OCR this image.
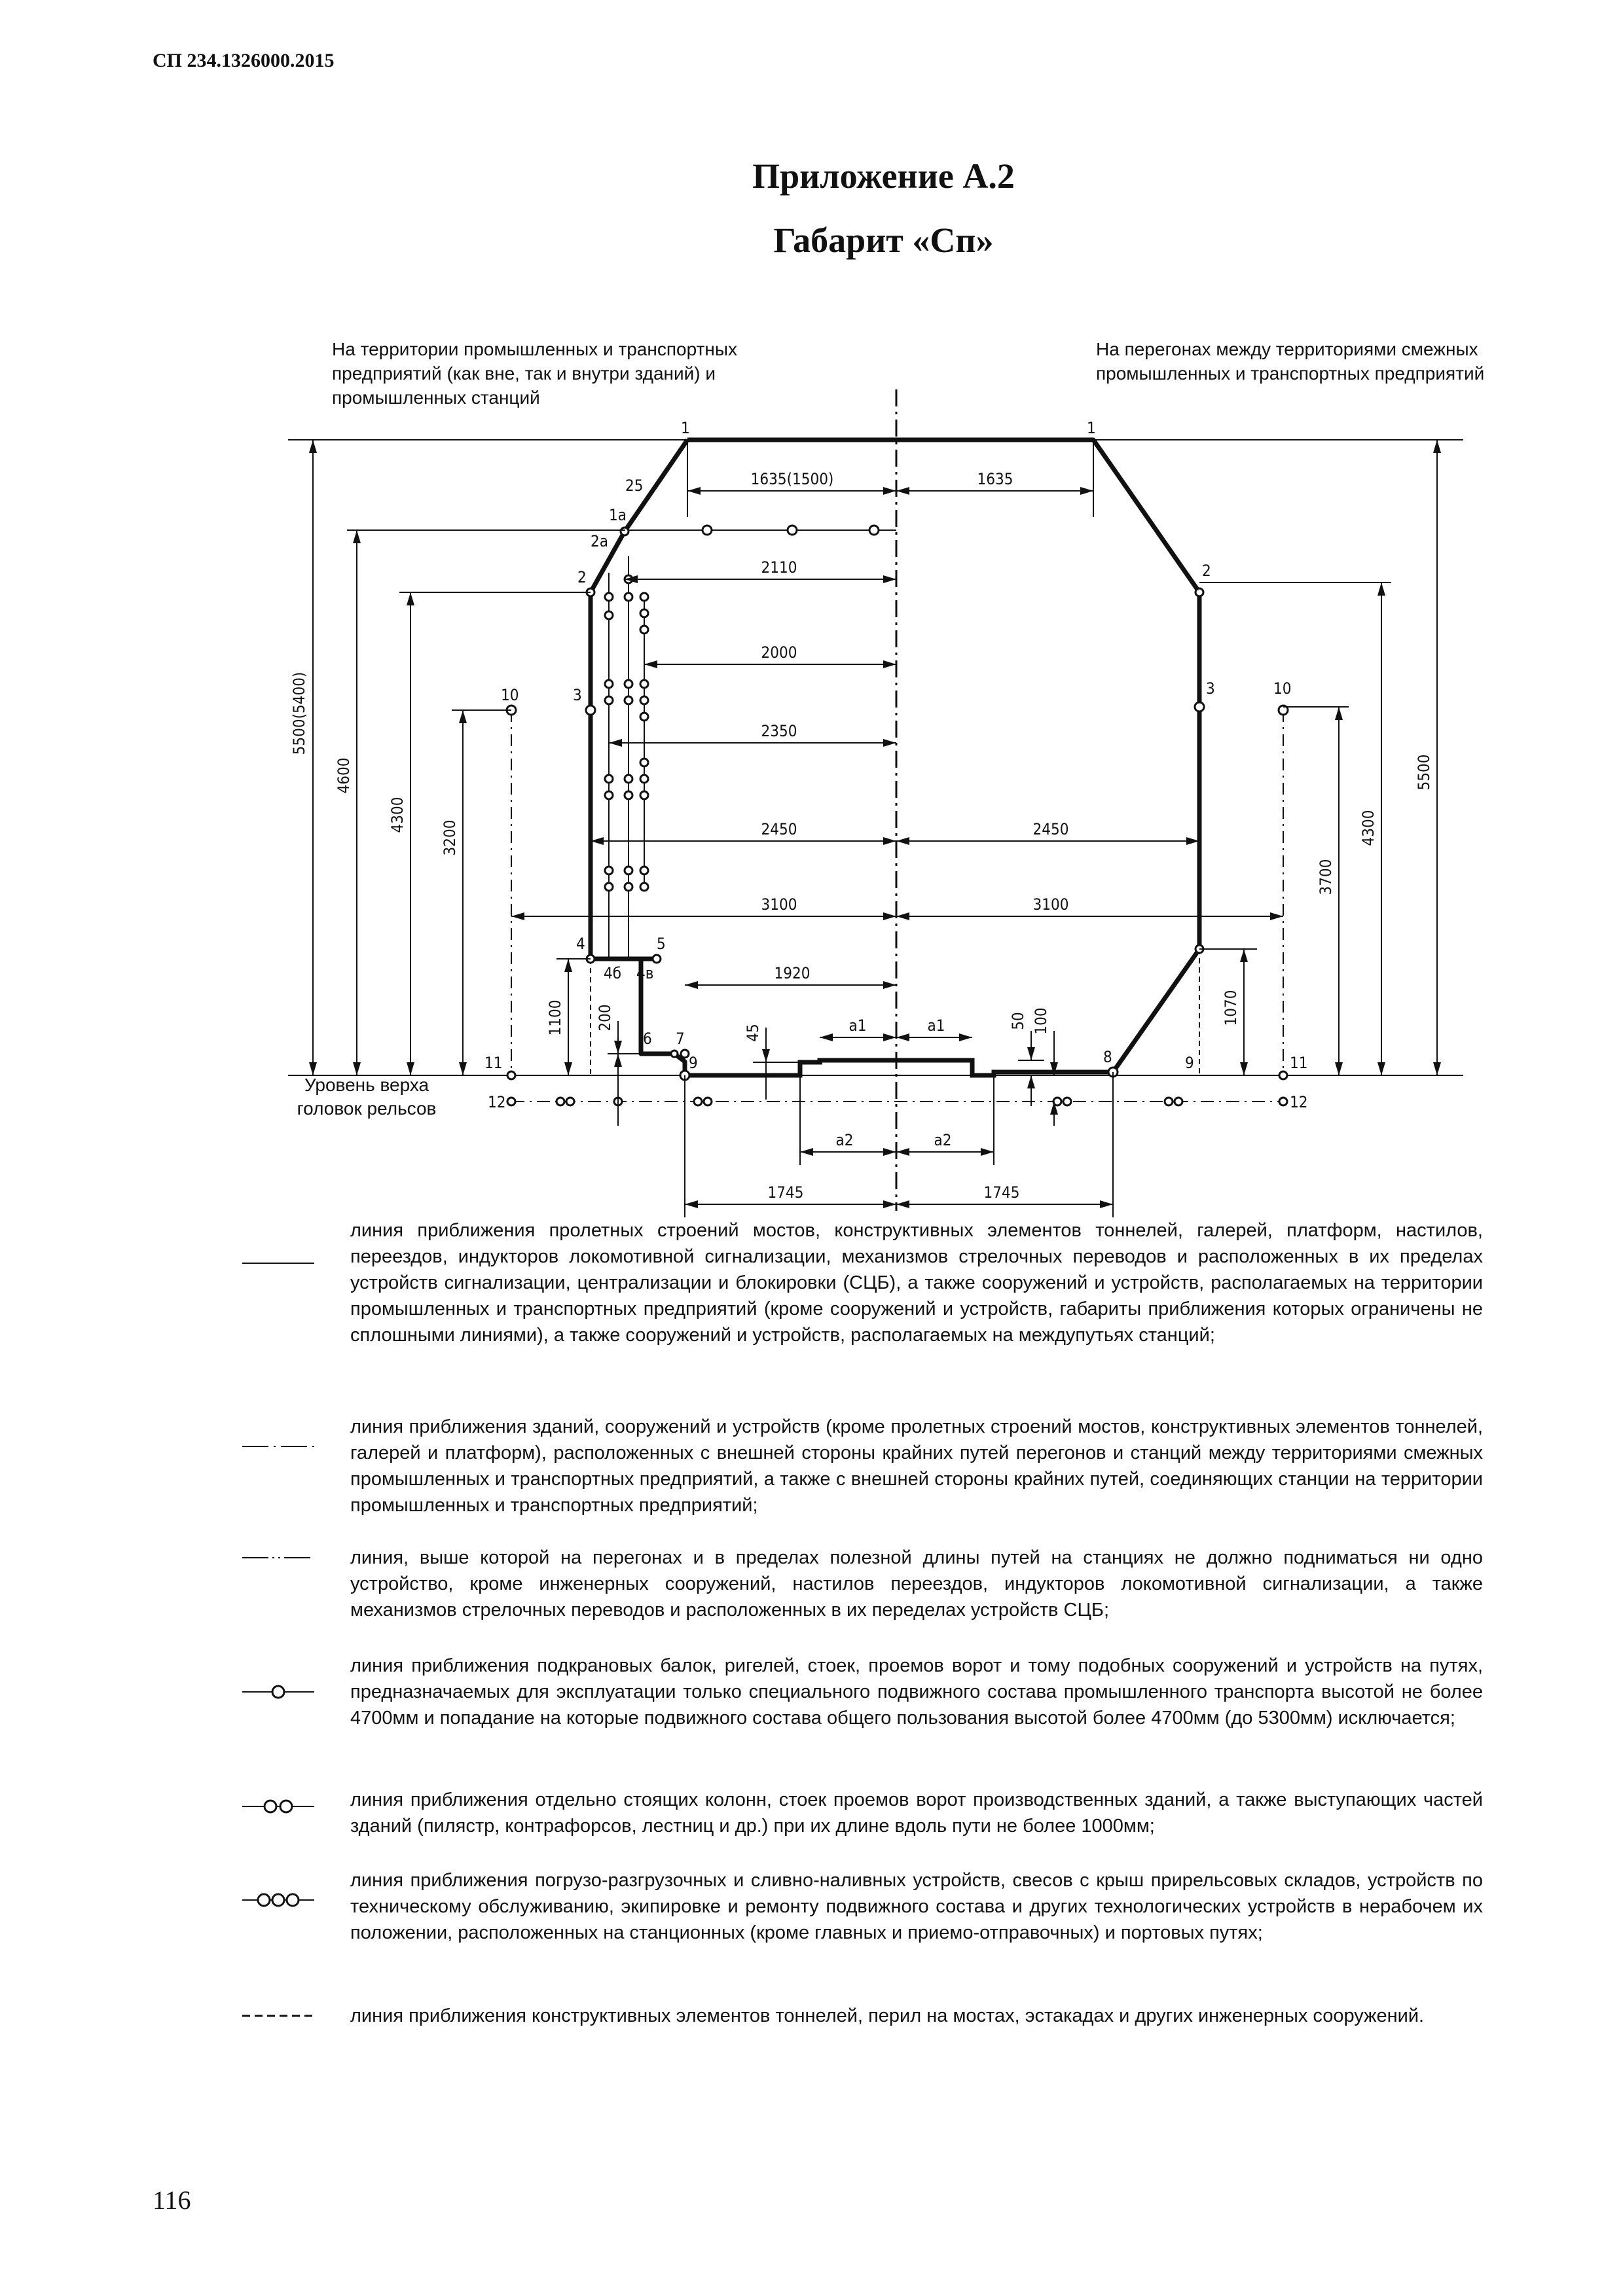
СП 234.1326000.2015
Приложение А.2
Габарит «Сп»
На территории промышленных и транспортных предприятий (как вне, так и внутри зданий) и промышленных станций
На перегонах между территориями смежных промышленных и транспортных предприятий
Уровень верха головок рельсов
1	1
25
1а
2а
2	2
3	3
10	10
4
4б 4в
5
6 7
8
9	9
11	11
12	12
1635(1500)	1635
2110
2000
2350
2450	2450
3100	3100
1920
a1	a1
a2	a2
1745	1745
5500(5400)
4600
4300
3200
1100 200
45
50 100	1070
3700
4300
5500
линия приближения пролетных строений мостов, конструктивных элементов тоннелей, галерей, платформ, настилов, переездов, индукторов локомотивной сигнализации, механизмов стрелочных переводов и расположенных в их пределах устройств сигнализации, централизации и блокировки (СЦБ), а также сооружений и устройств, располагаемых на территории промышленных и транспортных предприятий (кроме сооружений и устройств, габариты приближения которых ограничены не сплошными линиями), а также сооружений и устройств, располагаемых на междупутьях станций;
линия приближения зданий, сооружений и устройств (кроме пролетных строений мостов, конструктивных элементов тоннелей, галерей и платформ), расположенных с внешней стороны крайних путей перегонов и станций между территориями смежных промышленных и транспортных предприятий, а также с внешней стороны крайних путей, соединяющих станции на территории промышленных и транспортных предприятий;
линия, выше которой на перегонах и в пределах полезной длины путей на станциях не должно подниматься ни одно устройство, кроме инженерных сооружений, настилов переездов, индукторов локомотивной сигнализации, а также механизмов стрелочных переводов и расположенных в их переделах устройств СЦБ;
линия приближения подкрановых балок, ригелей, стоек, проемов ворот и тому подобных сооружений и устройств на путях, предназначаемых для эксплуатации только специального подвижного состава промышленного транспорта высотой не более 4700мм и попадание на которые подвижного состава общего пользования высотой более 4700мм (до 5300мм) исключается;
линия приближения отдельно стоящих колонн, стоек проемов ворот производственных зданий, а также выступающих частей зданий (пилястр, контрафорсов, лестниц и др.) при их длине вдоль пути не более 1000мм;
линия приближения погрузо-разгрузочных и сливно-наливных устройств, свесов с крыш прирельсовых складов, устройств по техническому обслуживанию, экипировке и ремонту подвижного состава и других технологических устройств в нерабочем их положении, расположенных на станционных (кроме главных и приемо-отправочных) и портовых путях;
линия приближения конструктивных элементов тоннелей, перил на мостах, эстакадах и других инженерных сооружений.
116
